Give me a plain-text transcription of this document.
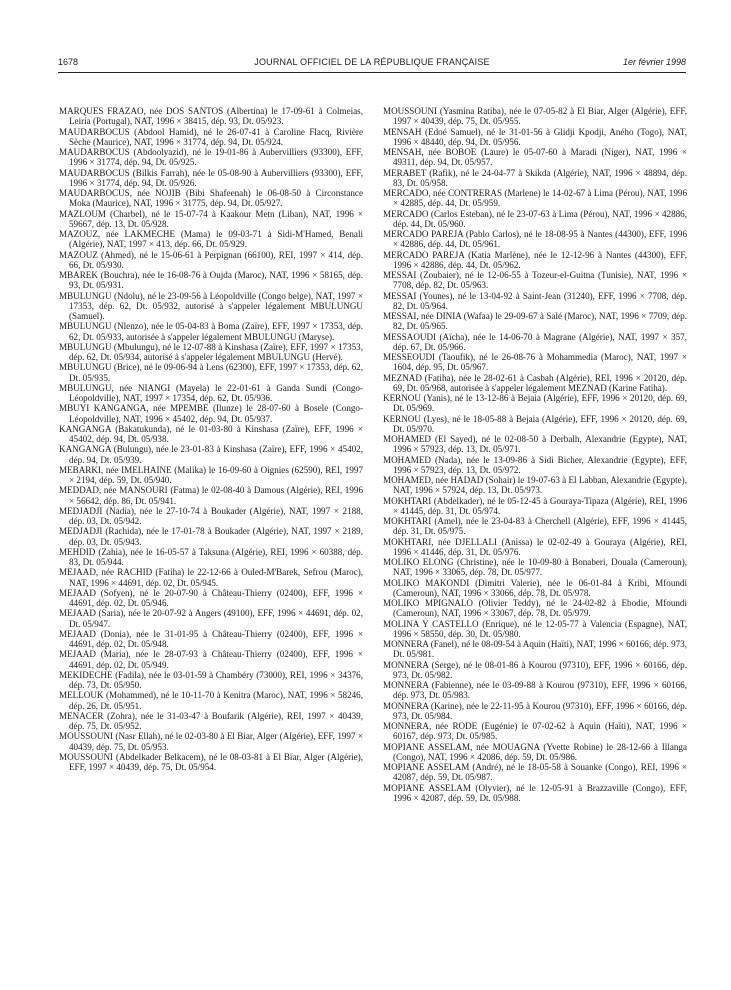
1678	JOURNAL OFFICIEL DE LA RÉPUBLIQUE FRANÇAISE	1er février 1998
MARQUES FRAZAO, née DOS SANTOS (Albertina) le 17-09-61 à Colmeias, Leiria (Portugal), NAT, 1996 × 38415, dép. 93, Dt. 05/923.
MAUDARBOCUS (Abdool Hamid), né le 26-07-41 à Caroline Flacq, Rivière Sèche (Maurice), NAT, 1996 × 31774, dép. 94, Dt. 05/924.
MAUDARBOCUS (Abdoolyazid), né le 19-01-86 à Aubervilliers (93300), EFF, 1996 × 31774, dép. 94, Dt. 05/925.
MAUDARBOCUS (Bilkis Farrah), née le 05-08-90 à Aubervilliers (93300), EFF, 1996 × 31774, dép. 94, Dt. 05/926.
MAUDARBOCUS, née NOJIB (Bibi Shafeenah) le 06-08-50 à Circonstance Moka (Maurice), NAT, 1996 × 31775, dép. 94, Dt. 05/927.
MAZLOUM (Charbel), né le 15-07-74 à Kaakour Metn (Liban), NAT, 1996 × 59667, dép. 13, Dt. 05/928.
MAZOUZ, née LAKMECHE (Mama) le 09-03-71 à Sidi-M'Hamed, Benali (Algérie), NAT, 1997 × 413, dép. 66, Dt. 05/929.
MAZOUZ (Ahmed), né le 15-06-61 à Perpignan (66100), REI, 1997 × 414, dép. 66, Dt. 05/930.
MBAREK (Bouchra), née le 16-08-76 à Oujda (Maroc), NAT, 1996 × 58165, dép. 93, Dt. 05/931.
MBULUNGU (Ndolu), né le 23-09-56 à Léopoldville (Congo belge), NAT, 1997 × 17353, dép. 62, Dt. 05/932, autorisé à s'appeler légalement MBULUNGU (Samuel).
MBULUNGU (Nlenzo), née le 05-04-83 à Boma (Zaïre), EFF, 1997 × 17353, dép. 62, Dt. 05/933, autorisée à s'appeler légalement MBULUNGU (Maryse).
MBULUNGU (Mbulungu), né le 12-07-88 à Kinshasa (Zaïre), EFF, 1997 × 17353, dép. 62, Dt. 05/934, autorisé à s'appeler légalement MBULUNGU (Hervé).
MBULUNGU (Brice), né le 09-06-94 à Lens (62300), EFF, 1997 × 17353, dép. 62, Dt. 05/935.
MBULUNGU, née NIANGI (Mayela) le 22-01-61 à Ganda Sundi (Congo-Léopoldville), NAT, 1997 × 17354, dép. 62, Dt. 05/936.
MBUYI KANGANGA, née MPEMBE (Ilunze) le 28-07-60 à Bosele (Congo-Léopoldville), NAT, 1996 × 45402, dép. 94, Dt. 05/937.
KANGANGA (Bakatukunda), né le 01-03-80 à Kinshasa (Zaïre), EFF, 1996 × 45402, dép. 94, Dt. 05/938.
KANGANGA (Bulungu), née le 23-01-83 à Kinshasa (Zaïre), EFF, 1996 × 45402, dép. 94, Dt. 05/939.
MEBARKI, née IMELHAINE (Malika) le 16-09-60 à Oignies (62590), REI, 1997 × 2194, dép. 59, Dt. 05/940.
MEDDAD, née MANSOURI (Fatma) le 02-08-40 à Damous (Algérie), REI, 1996 × 56642, dép. 86, Dt. 05/941.
MEDJADJI (Nadia), née le 27-10-74 à Boukader (Algérie), NAT, 1997 × 2188, dép. 03, Dt. 05/942.
MEDJADJI (Rachida), née le 17-01-78 à Boukader (Algérie), NAT, 1997 × 2189, dép. 03, Dt. 05/943.
MEHDID (Zahia), née le 16-05-57 à Taksuna (Algérie), REI, 1996 × 60388, dép. 83, Dt. 05/944.
MEJAAD, née RACHID (Fatiha) le 22-12-66 à Ouled-M'Barek, Sefrou (Maroc), NAT, 1996 × 44691, dép. 02, Dt. 05/945.
MEJAAD (Sofyen), né le 20-07-90 à Château-Thierry (02400), EFF, 1996 × 44691, dép. 02, Dt. 05/946.
MEJAAD (Saria), née le 20-07-92 à Angers (49100), EFF, 1996 × 44691, dép. 02, Dt. 05/947.
MEJAAD (Donia), née le 31-01-95 à Château-Thierry (02400), EFF, 1996 × 44691, dép. 02, Dt. 05/948.
MEJAAD (Maria), née le 28-07-93 à Château-Thierry (02400), EFF, 1996 × 44691, dép. 02, Dt. 05/949.
MEKIDECHE (Fadila), née le 03-01-59 à Chambéry (73000), REI, 1996 × 34376, dép. 73, Dt. 05/950.
MELLOUK (Mohammed), né le 10-11-70 à Kenitra (Maroc), NAT, 1996 × 58246, dép. 26, Dt. 05/951.
MENACER (Zohra), née le 31-03-47 à Boufarik (Algérie), REI, 1997 × 40439, dép. 75, Dt. 05/952.
MOUSSOUNI (Nasr Ellah), né le 02-03-80 à El Biar, Alger (Algérie), EFF, 1997 × 40439, dép. 75, Dt. 05/953.
MOUSSOUNI (Abdelkader Belkacem), né le 08-03-81 à El Biar, Alger (Algérie), EFF, 1997 × 40439, dép. 75, Dt. 05/954.
MOUSSOUNI (Yasmina Ratiba), née le 07-05-82 à El Biar, Alger (Algérie), EFF, 1997 × 40439, dép. 75, Dt. 05/955.
MENSAH (Edoé Samuel), né le 31-01-56 à Glidji Kpodji, Aného (Togo), NAT, 1996 × 48440, dép. 94, Dt. 05/956.
MENSAH, née BOBOE (Laure) le 05-07-60 à Maradi (Niger), NAT, 1996 × 49311, dép. 94, Dt. 05/957.
MERABET (Rafik), né le 24-04-77 à Skikda (Algérie), NAT, 1996 × 48894, dép. 83, Dt. 05/958.
MERCADO, née CONTRERAS (Marlene) le 14-02-67 à Lima (Pérou), NAT, 1996 × 42885, dép. 44, Dt. 05/959.
MERCADO (Carlos Esteban), né le 23-07-63 à Lima (Pérou), NAT, 1996 × 42886, dép. 44, Dt. 05/960.
MERCADO PAREJA (Pablo Carlos), né le 18-08-95 à Nantes (44300), EFF, 1996 × 42886, dép. 44, Dt. 05/961.
MERCADO PAREJA (Katia Marlène), née le 12-12-96 à Nantes (44300), EFF, 1996 × 42886, dép. 44, Dt. 05/962.
MESSAI (Zoubaier), né le 12-06-55 à Tozeur-el-Guitna (Tunisie), NAT, 1996 × 7708, dép. 82, Dt. 05/963.
MESSAI (Younes), né le 13-04-92 à Saint-Jean (31240), EFF, 1996 × 7708, dép. 82, Dt. 05/964.
MESSAI, née DINIA (Wafaa) le 29-09-67 à Salé (Maroc), NAT, 1996 × 7709, dép. 82, Dt. 05/965.
MESSAOUDI (Aïcha), née le 14-06-70 à Magrane (Algérie), NAT, 1997 × 357, dép. 67, Dt. 05/966.
MESSEOUDI (Taoufik), né le 26-08-76 à Mohammedia (Maroc), NAT, 1997 × 1604, dép. 95, Dt. 05/967.
MEZNAD (Fatiha), née le 28-02-61 à Casbah (Algérie), REI, 1996 × 20120, dép. 69, Dt. 05/968, autorisée à s'appeler légalement MEZNAD (Karine Fatiha).
KERNOU (Yanis), né le 13-12-86 à Bejaia (Algérie), EFF, 1996 × 20120, dép. 69, Dt. 05/969.
KERNOU (Lyes), né le 18-05-88 à Bejaia (Algérie), EFF, 1996 × 20120, dép. 69, Dt. 05/970.
MOHAMED (El Sayed), né le 02-08-50 à Derbalh, Alexandrie (Egypte), NAT, 1996 × 57923, dép. 13, Dt. 05/971.
MOHAMED (Nada), née le 13-09-86 à Sidi Bicher, Alexandrie (Egypte), EFF, 1996 × 57923, dép. 13, Dt. 05/972.
MOHAMED, née HADAD (Sohair) le 19-07-63 à El Labban, Alexandrie (Egypte), NAT, 1996 × 57924, dép. 13, Dt. 05/973.
MOKHTARI (Abdelkader), né le 05-12-45 à Gouraya-Tipaza (Algérie), REI, 1996 × 41445, dép. 31, Dt. 05/974.
MOKHTARI (Amel), née le 23-04-83 à Cherchell (Algérie), EFF, 1996 × 41445, dép. 31, Dt. 05/975.
MOKHTARI, née DJELLALI (Anissa) le 02-02-49 à Gouraya (Algérie), REI, 1996 × 41446, dép. 31, Dt. 05/976.
MOLIKO ELONG (Christine), née le 10-09-80 à Bonaberi, Douala (Cameroun), NAT, 1996 × 33065, dép. 78, Dt. 05/977.
MOLIKO MAKONDI (Dimitri Valerie), née le 06-01-84 à Kribi, Mfoundi (Cameroun), NAT, 1996 × 33066, dép. 78, Dt. 05/978.
MOLIKO MPIGNALO (Olivier Teddy), né le 24-02-82 à Ebodie, Mfoundi (Cameroun), NAT, 1996 × 33067, dép. 78, Dt. 05/979.
MOLINA Y CASTELLO (Enrique), né le 12-05-77 à Valencia (Espagne), NAT, 1996 × 58550, dép. 30, Dt. 05/980.
MONNERA (Fanel), né le 08-09-54 à Aquin (Haïti), NAT, 1996 × 60166, dép. 973, Dt. 05/981.
MONNERA (Serge), né le 08-01-86 à Kourou (97310), EFF, 1996 × 60166, dép. 973, Dt. 05/982.
MONNERA (Fabienne), née le 03-09-88 à Kourou (97310), EFF, 1996 × 60166, dép. 973, Dt. 05/983.
MONNERA (Karine), née le 22-11-95 à Kourou (97310), EFF, 1996 × 60166, dép. 973, Dt. 05/984.
MONNERA, née RODE (Eugénie) le 07-02-62 à Aquin (Haïti), NAT, 1996 × 60167, dép. 973, Dt. 05/985.
MOPIANE ASSELAM, née MOUAGNA (Yvette Robine) le 28-12-66 à Illanga (Congo), NAT, 1996 × 42086, dép. 59, Dt. 05/986.
MOPIANE ASSELAM (André), né le 18-05-58 à Souanke (Congo), REI, 1996 × 42087, dép. 59, Dt. 05/987.
MOPIANE ASSELAM (Olyvier), né le 12-05-91 à Brazzaville (Congo), EFF, 1996 × 42087, dép. 59, Dt. 05/988.
